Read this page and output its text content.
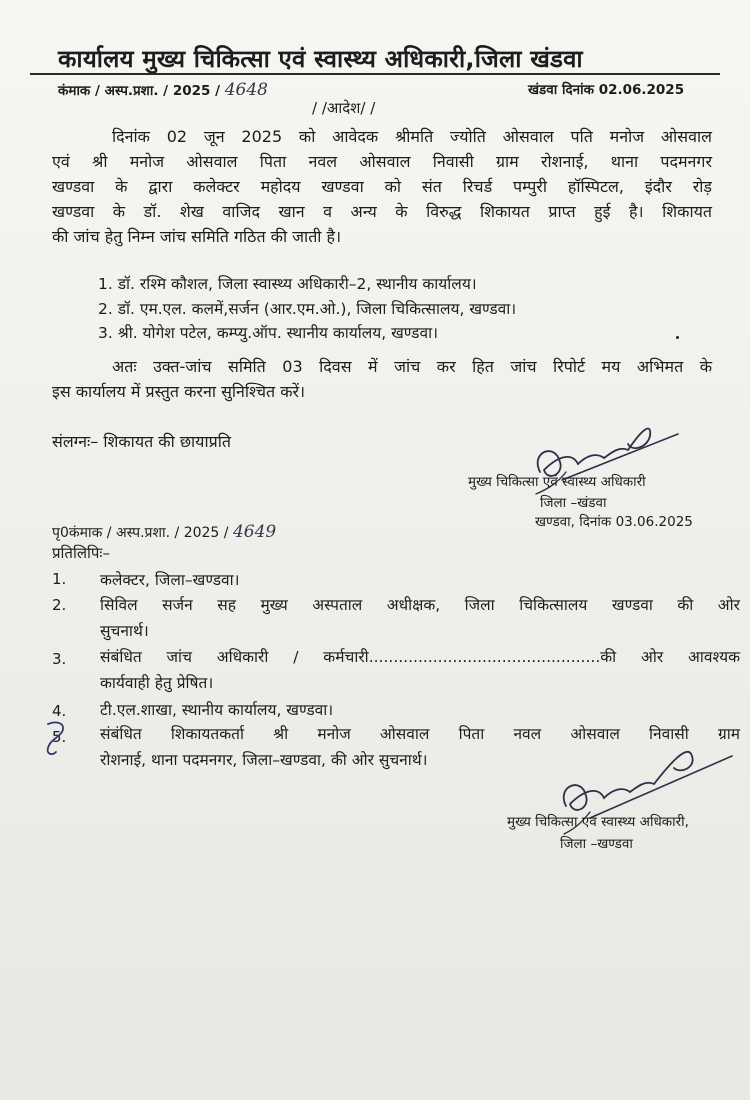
कार्यालय मुख्य चिकित्सा एवं स्वास्थ्य अधिकारी,जिला खंडवा
कंमाक / अस्प.प्रशा. / 2025 / 4648	खंडवा दिनांक 02.06.2025
/ /आदेश/ /
दिनांक 02 जून 2025 को आवेदक श्रीमति ज्योति ओसवाल पति मनोज ओसवाल
एवं श्री मनोज ओसवाल पिता नवल ओसवाल निवासी ग्राम रोशनाई, थाना पदमनगर
खण्डवा के द्वारा कलेक्टर महोदय खण्डवा को संत रिचर्ड पम्पुरी हॉस्पिटल, इंदौर रोड़
खण्डवा के डॉ. शेख वाजिद खान व अन्य के विरुद्ध शिकायत प्राप्त हुई है। शिकायत
की जांच हेतु निम्न जांच समिति गठित की जाती है।
1. डॉ. रश्मि कौशल, जिला स्वास्थ्य अधिकारी–2, स्थानीय कार्यालय।
2. डॉ. एम.एल. कलमें,सर्जन (आर.एम.ओ.), जिला चिकित्सालय, खण्डवा।
3. श्री. योगेश पटेल, कम्प्यु.ऑप. स्थानीय कार्यालय, खण्डवा।
अतः उक्त-जांच समिति 03 दिवस में जांच कर हित जांच रिपोर्ट मय अभिमत के
इस कार्यालय में प्रस्तुत करना सुनिश्चित करें।
संलग्नः– शिकायत की छायाप्रति
मुख्य चिकित्सा एवं स्वास्थ्य अधिकारी
जिला –खंडवा
खण्डवा, दिनांक 03.06.2025
पृ0कंमाक / अस्प.प्रशा. / 2025 / 4649
प्रतिलिपिः–
1. कलेक्टर, जिला–खण्डवा।
2. सिविल सर्जन सह मुख्य अस्पताल अधीक्षक, जिला चिकित्सालय खण्डवा की ओर
सुचनार्थ।
3. संबंधित जांच अधिकारी / कर्मचारी...............................................की ओर आवश्यक
कार्यवाही हेतु प्रेषित।
4. टी.एल.शाखा, स्थानीय कार्यालय, खण्डवा।
5. संबंधित शिकायतकर्ता श्री मनोज ओसवाल पिता नवल ओसवाल निवासी ग्राम
रोशनाई, थाना पदमनगर, जिला–खण्डवा, की ओर सुचनार्थ।
मुख्य चिकित्सा एवं स्वास्थ्य अधिकारी,
जिला –खण्डवा
